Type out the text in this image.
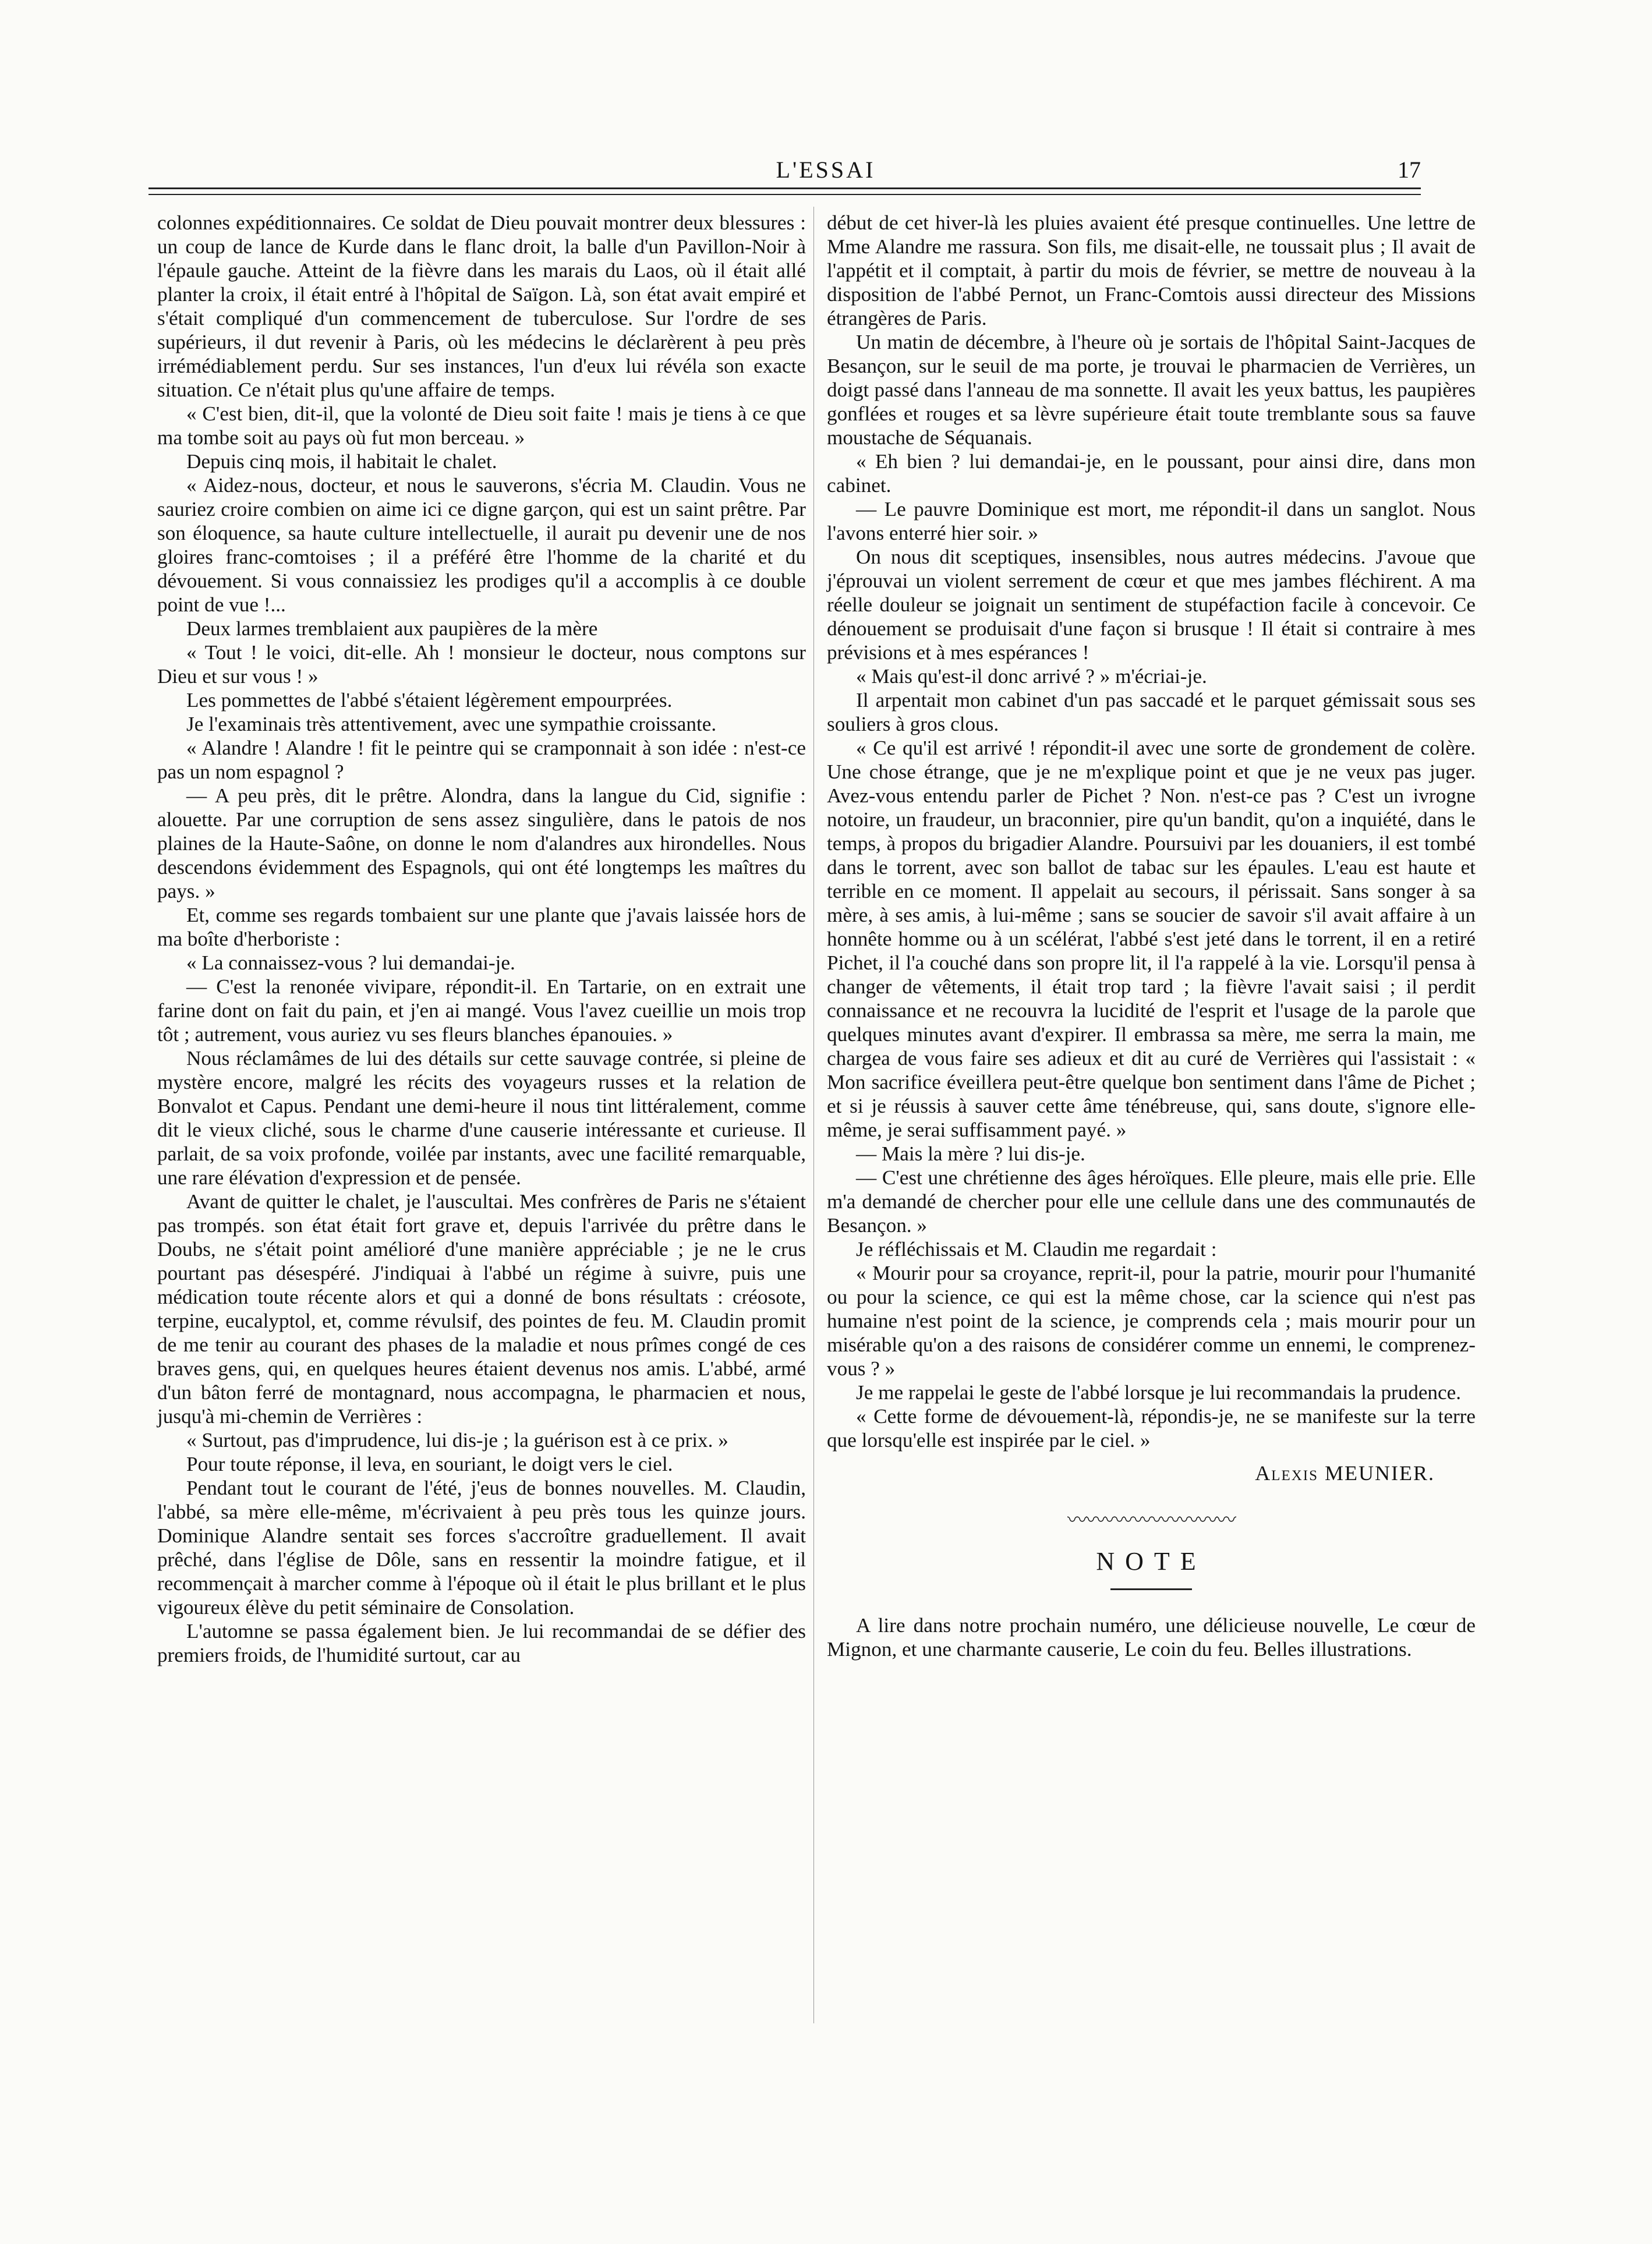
L'ESSAI	17

colonnes expéditionnaires. Ce soldat de Dieu pouvait montrer deux blessures : un coup de lance de Kurde dans le flanc droit, la balle d'un Pavillon-Noir à l'épaule gauche. Atteint de la fièvre dans les marais du Laos, où il était allé planter la croix, il était entré à l'hôpital de Saïgon. Là, son état avait empiré et s'était compliqué d'un commencement de tuberculose. Sur l'ordre de ses supérieurs, il dut revenir à Paris, où les médecins le déclarèrent à peu près irrémédiablement perdu. Sur ses instances, l'un d'eux lui révéla son exacte situation. Ce n'était plus qu'une affaire de temps.

« C'est bien, dit-il, que la volonté de Dieu soit faite ! mais je tiens à ce que ma tombe soit au pays où fut mon berceau. »

Depuis cinq mois, il habitait le chalet.

« Aidez-nous, docteur, et nous le sauverons, s'écria M. Claudin. Vous ne sauriez croire combien on aime ici ce digne garçon, qui est un saint prêtre. Par son éloquence, sa haute culture intellectuelle, il aurait pu devenir une de nos gloires franc-comtoises ; il a préféré être l'homme de la charité et du dévouement. Si vous connaissiez les prodiges qu'il a accomplis à ce double point de vue !...

Deux larmes tremblaient aux paupières de la mère

« Tout ! le voici, dit-elle. Ah ! monsieur le docteur, nous comptons sur Dieu et sur vous ! »

Les pommettes de l'abbé s'étaient légèrement empourprées.

Je l'examinais très attentivement, avec une sympathie croissante.

« Alandre ! Alandre ! fit le peintre qui se cramponnait à son idée : n'est-ce pas un nom espagnol ?

— A peu près, dit le prêtre. Alondra, dans la langue du Cid, signifie : alouette. Par une corruption de sens assez singulière, dans le patois de nos plaines de la Haute-Saône, on donne le nom d'alandres aux hirondelles. Nous descendons évidemment des Espagnols, qui ont été longtemps les maîtres du pays. »

Et, comme ses regards tombaient sur une plante que j'avais laissée hors de ma boîte d'herboriste :

« La connaissez-vous ? lui demandai-je.

— C'est la renonée vivipare, répondit-il. En Tartarie, on en extrait une farine dont on fait du pain, et j'en ai mangé. Vous l'avez cueillie un mois trop tôt ; autrement, vous auriez vu ses fleurs blanches épanouies. »

Nous réclamâmes de lui des détails sur cette sauvage contrée, si pleine de mystère encore, malgré les récits des voyageurs russes et la relation de Bonvalot et Capus. Pendant une demi-heure il nous tint littéralement, comme dit le vieux cliché, sous le charme d'une causerie intéressante et curieuse. Il parlait, de sa voix profonde, voilée par instants, avec une facilité remarquable, une rare élévation d'expression et de pensée.

Avant de quitter le chalet, je l'auscultai. Mes confrères de Paris ne s'étaient pas trompés. son état était fort grave et, depuis l'arrivée du prêtre dans le Doubs, ne s'était point amélioré d'une manière appréciable ; je ne le crus pourtant pas désespéré. J'indiquai à l'abbé un régime à suivre, puis une médication toute récente alors et qui a donné de bons résultats : créosote, terpine, eucalyptol, et, comme révulsif, des pointes de feu. M. Claudin promit de me tenir au courant des phases de la maladie et nous prîmes congé de ces braves gens, qui, en quelques heures étaient devenus nos amis. L'abbé, armé d'un bâton ferré de montagnard, nous accompagna, le pharmacien et nous, jusqu'à mi-chemin de Verrières :

« Surtout, pas d'imprudence, lui dis-je ; la guérison est à ce prix. »

Pour toute réponse, il leva, en souriant, le doigt vers le ciel.

Pendant tout le courant de l'été, j'eus de bonnes nouvelles. M. Claudin, l'abbé, sa mère elle-même, m'écrivaient à peu près tous les quinze jours. Dominique Alandre sentait ses forces s'accroître graduellement. Il avait prêché, dans l'église de Dôle, sans en ressentir la moindre fatigue, et il recommençait à marcher comme à l'époque où il était le plus brillant et le plus vigoureux élève du petit séminaire de Consolation.

L'automne se passa également bien. Je lui recommandai de se défier des premiers froids, de l'humidité surtout, car au

début de cet hiver-là les pluies avaient été presque continuelles. Une lettre de Mme Alandre me rassura. Son fils, me disait-elle, ne toussait plus ; Il avait de l'appétit et il comptait, à partir du mois de février, se mettre de nouveau à la disposition de l'abbé Pernot, un Franc-Comtois aussi directeur des Missions étrangères de Paris.

Un matin de décembre, à l'heure où je sortais de l'hôpital Saint-Jacques de Besançon, sur le seuil de ma porte, je trouvai le pharmacien de Verrières, un doigt passé dans l'anneau de ma sonnette. Il avait les yeux battus, les paupières gonflées et rouges et sa lèvre supérieure était toute tremblante sous sa fauve moustache de Séquanais.

« Eh bien ? lui demandai-je, en le poussant, pour ainsi dire, dans mon cabinet.

— Le pauvre Dominique est mort, me répondit-il dans un sanglot. Nous l'avons enterré hier soir. »

On nous dit sceptiques, insensibles, nous autres médecins. J'avoue que j'éprouvai un violent serrement de cœur et que mes jambes fléchirent. A ma réelle douleur se joignait un sentiment de stupéfaction facile à concevoir. Ce dénouement se produisait d'une façon si brusque ! Il était si contraire à mes prévisions et à mes espérances !

« Mais qu'est-il donc arrivé ? » m'écriai-je.

Il arpentait mon cabinet d'un pas saccadé et le parquet gémissait sous ses souliers à gros clous.

« Ce qu'il est arrivé ! répondit-il avec une sorte de grondement de colère. Une chose étrange, que je ne m'explique point et que je ne veux pas juger. Avez-vous entendu parler de Pichet ? Non. n'est-ce pas ? C'est un ivrogne notoire, un fraudeur, un braconnier, pire qu'un bandit, qu'on a inquiété, dans le temps, à propos du brigadier Alandre. Poursuivi par les douaniers, il est tombé dans le torrent, avec son ballot de tabac sur les épaules. L'eau est haute et terrible en ce moment. Il appelait au secours, il périssait. Sans songer à sa mère, à ses amis, à lui-même ; sans se soucier de savoir s'il avait affaire à un honnête homme ou à un scélérat, l'abbé s'est jeté dans le torrent, il en a retiré Pichet, il l'a couché dans son propre lit, il l'a rappelé à la vie. Lorsqu'il pensa à changer de vêtements, il était trop tard ; la fièvre l'avait saisi ; il perdit connaissance et ne recouvra la lucidité de l'esprit et l'usage de la parole que quelques minutes avant d'expirer. Il embrassa sa mère, me serra la main, me chargea de vous faire ses adieux et dit au curé de Verrières qui l'assistait : « Mon sacrifice éveillera peut-être quelque bon sentiment dans l'âme de Pichet ; et si je réussis à sauver cette âme ténébreuse, qui, sans doute, s'ignore elle-même, je serai suffisamment payé. »

— Mais la mère ? lui dis-je.

— C'est une chrétienne des âges héroïques. Elle pleure, mais elle prie. Elle m'a demandé de chercher pour elle une cellule dans une des communautés de Besançon. »

Je réfléchissais et M. Claudin me regardait :

« Mourir pour sa croyance, reprit-il, pour la patrie, mourir pour l'humanité ou pour la science, ce qui est la même chose, car la science qui n'est pas humaine n'est point de la science, je comprends cela ; mais mourir pour un misérable qu'on a des raisons de considérer comme un ennemi, le comprenez-vous ? »

Je me rappelai le geste de l'abbé lorsque je lui recommandais la prudence.

« Cette forme de dévouement-là, répondis-je, ne se manifeste sur la terre que lorsqu'elle est inspirée par le ciel. »

Alexis MEUNIER.
〰〰〰〰〰〰〰〰〰
NOTE

A lire dans notre prochain numéro, une délicieuse nouvelle, Le cœur de Mignon, et une charmante causerie, Le coin du feu. Belles illustrations.
